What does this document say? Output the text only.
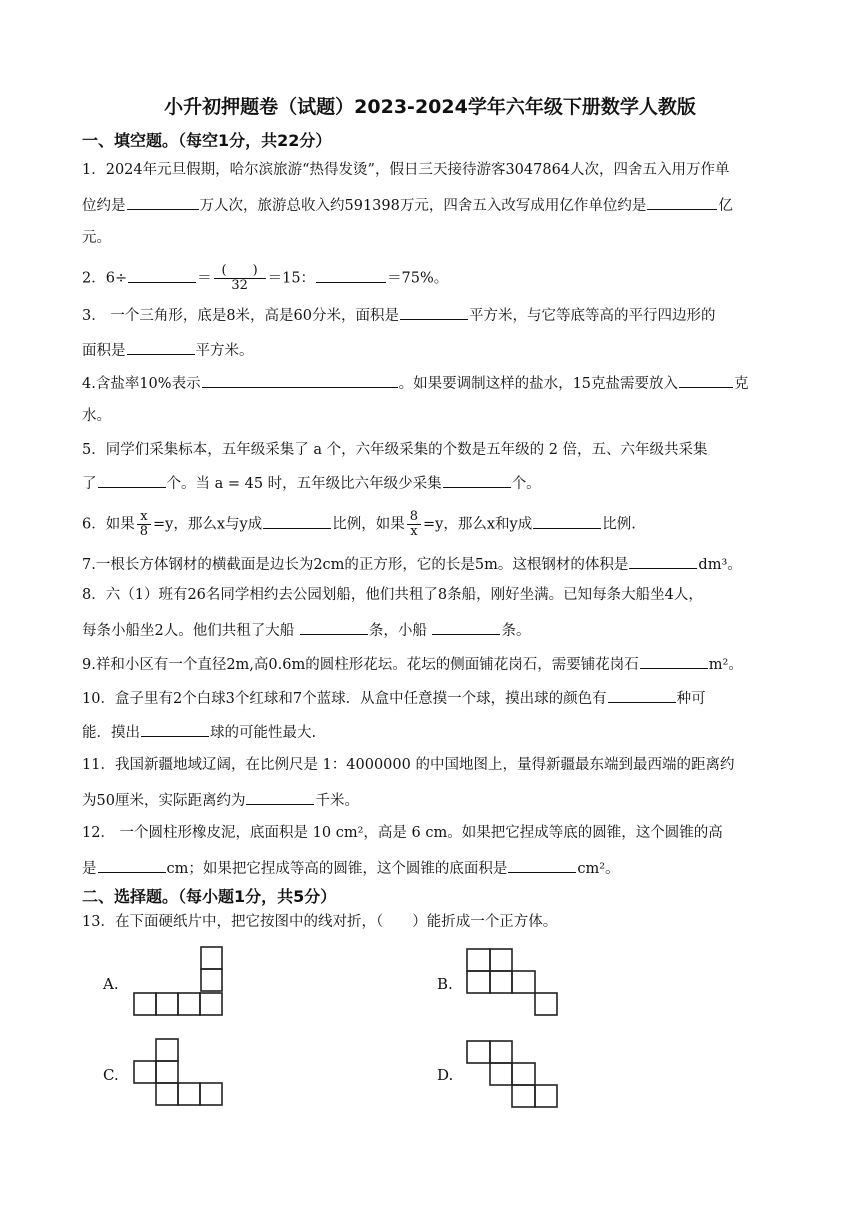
小升初押题卷（试题）2023-2024学年六年级下册数学人教版
一、填空题。（每空1分，共22分）
1．2024年元旦假期，哈尔滨旅游“热得发烫”，假日三天接待游客3047864人次，四舍五入用万作单
位约是	万人次，旅游总收入约591398万元，四舍五入改写成用亿作单位约是	亿
元。
2．6÷	＝ $\frac{( )}{32} =15$：	＝75%。
3． 一个三角形，底是8米，高是60分米，面积是	平方米，与它等底等高的平行四边形的
面积是	平方米。
4.含盐率10%表示	。如果要调制这样的盐水，15克盐需要放入	克
水。
5．同学们采集标本，五年级采集了 a 个，六年级采集的个数是五年级的 2 倍，五、六年级共采集
了	个。当 a = 45 时，五年级比六年级少采集	个。
6．如果 $\frac{x}{8} =y$，那么x与y成	比例，如果 $\frac{8}{x} =y$，那么x和y成	比例.
7.一根长方体钢材的横截面是边长为2cm的正方形，它的长是5m。这根钢材的体积是	dm³。
8．六（1）班有26名同学相约去公园划船，他们共租了8条船，刚好坐满。已知每条大船坐4人，
每条小船坐2人。他们共租了大船	条，小船	条。
9.祥和小区有一个直径2m,高0.6m的圆柱形花坛。花坛的侧面铺花岗石，需要铺花岗石	m²。
10．盒子里有2个白球3个红球和7个蓝球．从盒中任意摸一个球，摸出球的颜色有	种可
能．摸出	球的可能性最大.
11．我国新疆地域辽阔，在比例尺是 1：4000000 的中国地图上，量得新疆最东端到最西端的距离约
为50厘米，实际距离约为	千米。
12． 一个圆柱形橡皮泥，底面积是 10 cm²，高是 6 cm。如果把它捏成等底的圆锥，这个圆锥的高
是	cm；如果把它捏成等高的圆锥，这个圆锥的底面积是	cm²。
二、选择题。（每小题1分，共5分）
13．在下面硬纸片中，把它按图中的线对折，（　　）能折成一个正方体。
A.	B.
C.	D.
